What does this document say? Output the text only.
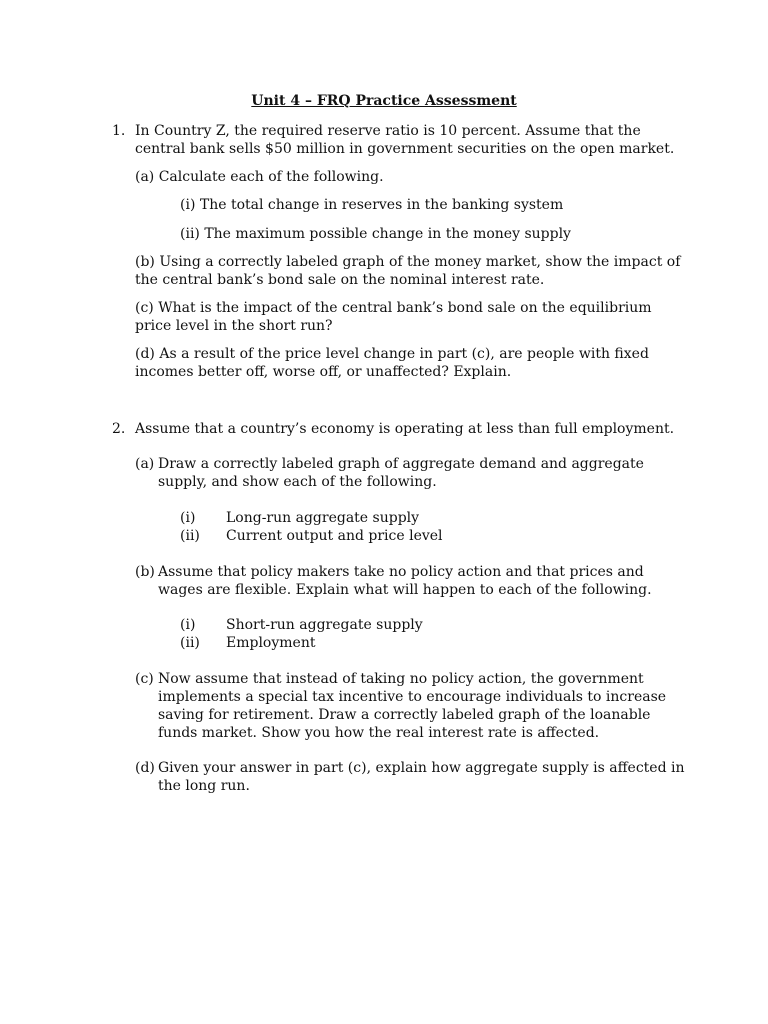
Unit 4 – FRQ Practice Assessment

1. In Country Z, the required reserve ratio is 10 percent. Assume that the

central bank sells $50 million in government securities on the open market.

(a) Calculate each of the following.

(i) The total change in reserves in the banking system

(ii) The maximum possible change in the money supply

(b) Using a correctly labeled graph of the money market, show the impact of

the central bank’s bond sale on the nominal interest rate.

(c) What is the impact of the central bank’s bond sale on the equilibrium

price level in the short run?

(d) As a result of the price level change in part (c), are people with fixed

incomes better off, worse off, or unaffected? Explain.

2. Assume that a country’s economy is operating at less than full employment.

(a) Draw a correctly labeled graph of aggregate demand and aggregate

supply, and show each of the following.

(i)	Long-run aggregate supply

(ii)	Current output and price level

(b) Assume that policy makers take no policy action and that prices and

wages are flexible. Explain what will happen to each of the following.

(i)	Short-run aggregate supply

(ii)	Employment

(c) Now assume that instead of taking no policy action, the government

implements a special tax incentive to encourage individuals to increase

saving for retirement. Draw a correctly labeled graph of the loanable

funds market. Show you how the real interest rate is affected.

(d) Given your answer in part (c), explain how aggregate supply is affected in

the long run.
